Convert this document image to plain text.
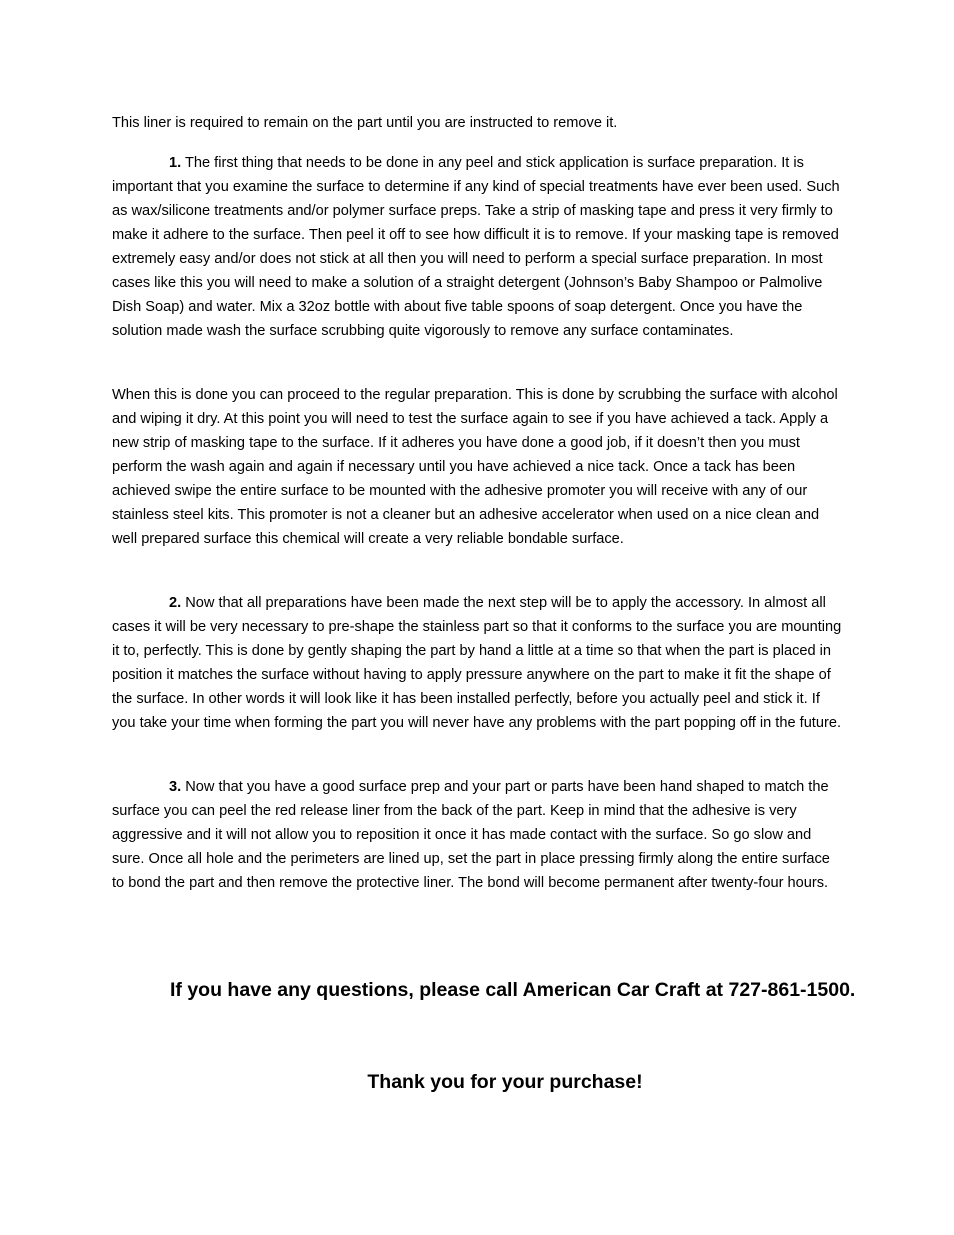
This liner is required to remain on the part until you are instructed to remove it.

1. The first thing that needs to be done in any peel and stick application is surface preparation. It is important that you examine the surface to determine if any kind of special treatments have ever been used. Such as wax/silicone treatments and/or polymer surface preps. Take a strip of masking tape and press it very firmly to make it adhere to the surface. Then peel it off to see how difficult it is to remove. If your masking tape is removed extremely easy and/or does not stick at all then you will need to perform a special surface preparation. In most cases like this you will need to make a solution of a straight detergent (Johnson’s Baby Shampoo or Palmolive Dish Soap) and water. Mix a 32oz bottle with about five table spoons of soap detergent. Once you have the solution made wash the surface scrubbing quite vigorously to remove any surface contaminates.

When this is done you can proceed to the regular preparation. This is done by scrubbing the surface with alcohol and wiping it dry. At this point you will need to test the surface again to see if you have achieved a tack. Apply a new strip of masking tape to the surface. If it adheres you have done a good job, if it doesn’t then you must perform the wash again and again if necessary until you have achieved a nice tack. Once a tack has been achieved swipe the entire surface to be mounted with the adhesive promoter you will receive with any of our stainless steel kits. This promoter is not a cleaner but an adhesive accelerator when used on a nice clean and well prepared surface this chemical will create a very reliable bondable surface.

2. Now that all preparations have been made the next step will be to apply the accessory. In almost all cases it will be very necessary to pre-shape the stainless part so that it conforms to the surface you are mounting it to, perfectly. This is done by gently shaping the part by hand a little at a time so that when the part is placed in position it matches the surface without having to apply pressure anywhere on the part to make it fit the shape of the surface. In other words it will look like it has been installed perfectly, before you actually peel and stick it. If you take your time when forming the part you will never have any problems with the part popping off in the future.

3. Now that you have a good surface prep and your part or parts have been hand shaped to match the surface you can peel the red release liner from the back of the part. Keep in mind that the adhesive is very aggressive and it will not allow you to reposition it once it has made contact with the surface. So go slow and sure. Once all hole and the perimeters are lined up, set the part in place pressing firmly along the entire surface to bond the part and then remove the protective liner. The bond will become permanent after twenty-four hours.

If you have any questions, please call American Car Craft at 727-861-1500.

Thank you for your purchase!
